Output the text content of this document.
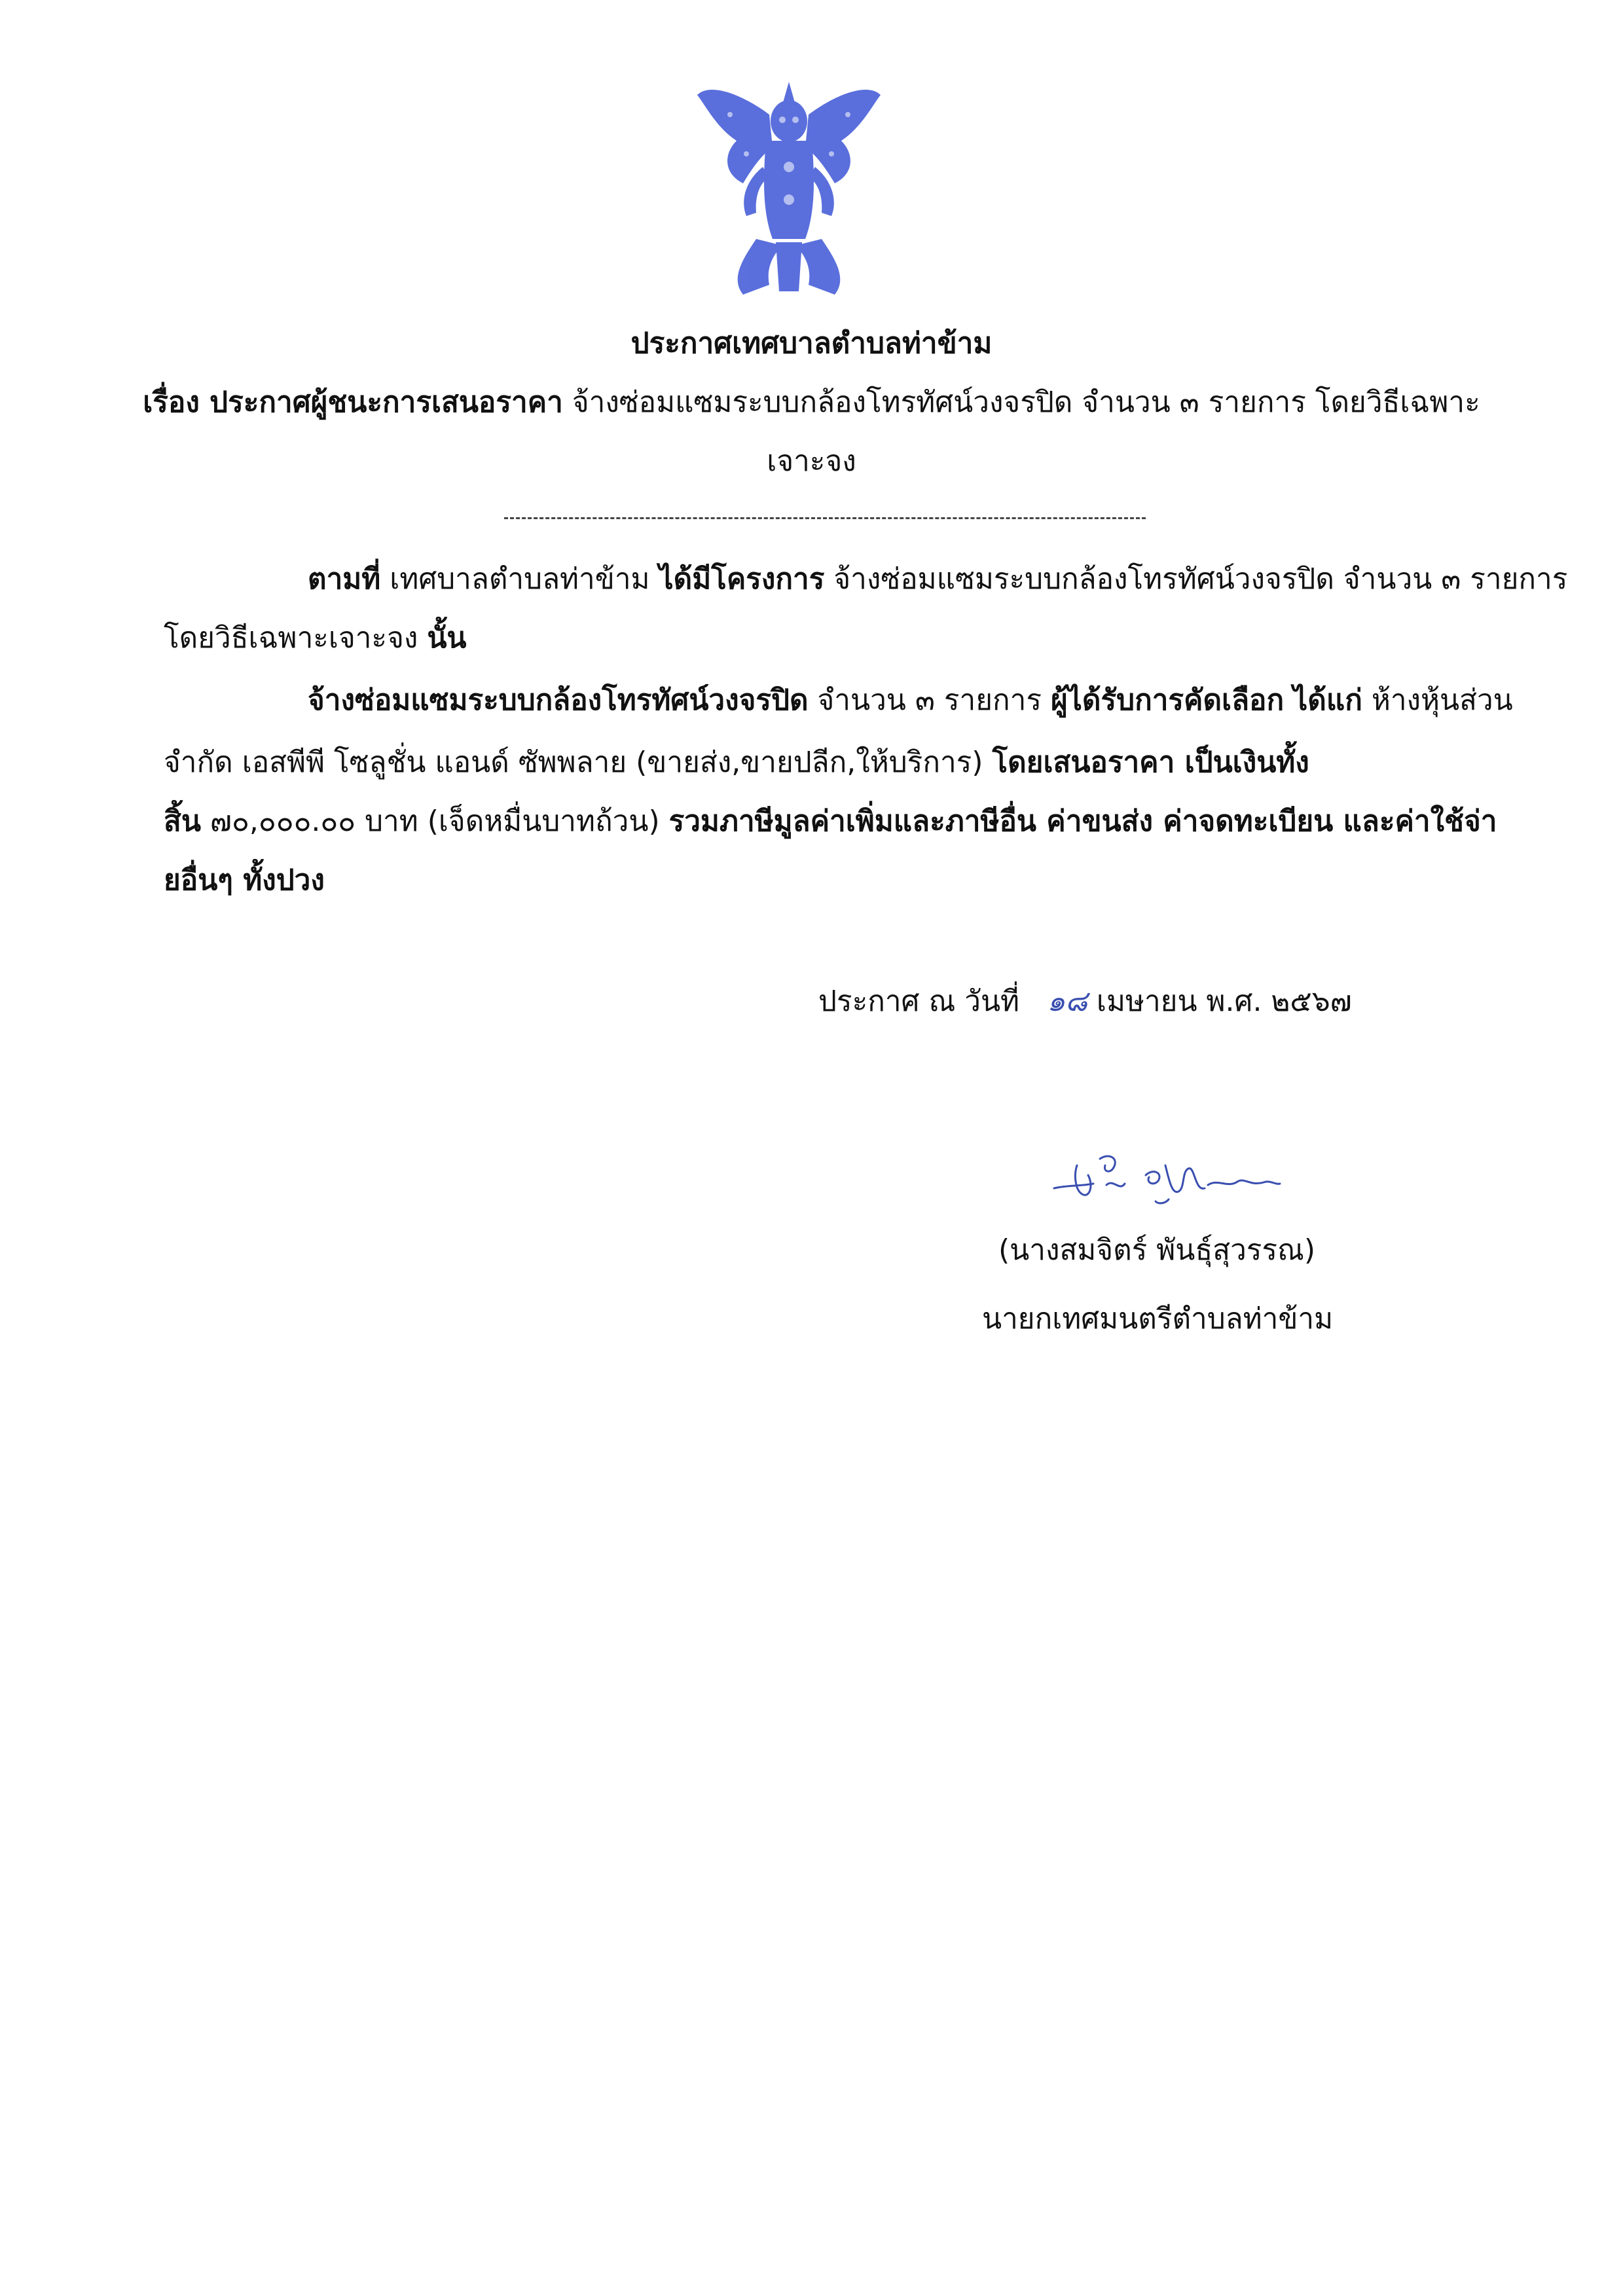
ประกาศเทศบาลตำบลท่าข้าม
เรื่อง ประกาศผู้ชนะการเสนอราคา จ้างซ่อมแซมระบบกล้องโทรทัศน์วงจรปิด จำนวน ๓ รายการ โดยวิธีเฉพาะ
เจาะจง
ตามที่ เทศบาลตำบลท่าข้าม ได้มีโครงการ จ้างซ่อมแซมระบบกล้องโทรทัศน์วงจรปิด จำนวน ๓ รายการ
โดยวิธีเฉพาะเจาะจง นั้น
จ้างซ่อมแซมระบบกล้องโทรทัศน์วงจรปิด จำนวน ๓ รายการ ผู้ได้รับการคัดเลือก ได้แก่ ห้างหุ้นส่วน
จำกัด เอสพีพี โซลูชั่น แอนด์ ซัพพลาย (ขายส่ง,ขายปลีก,ให้บริการ) โดยเสนอราคา เป็นเงินทั้ง
สิ้น ๗๐,๐๐๐.๐๐ บาท (เจ็ดหมื่นบาทถ้วน) รวมภาษีมูลค่าเพิ่มและภาษีอื่น ค่าขนส่ง ค่าจดทะเบียน และค่าใช้จ่า
ยอื่นๆ ทั้งปวง
ประกาศ ณ วันที่ ๑๘ เมษายน พ.ศ. ๒๕๖๗
(นางสมจิตร์ พันธุ์สุวรรณ)
นายกเทศมนตรีตำบลท่าข้าม
